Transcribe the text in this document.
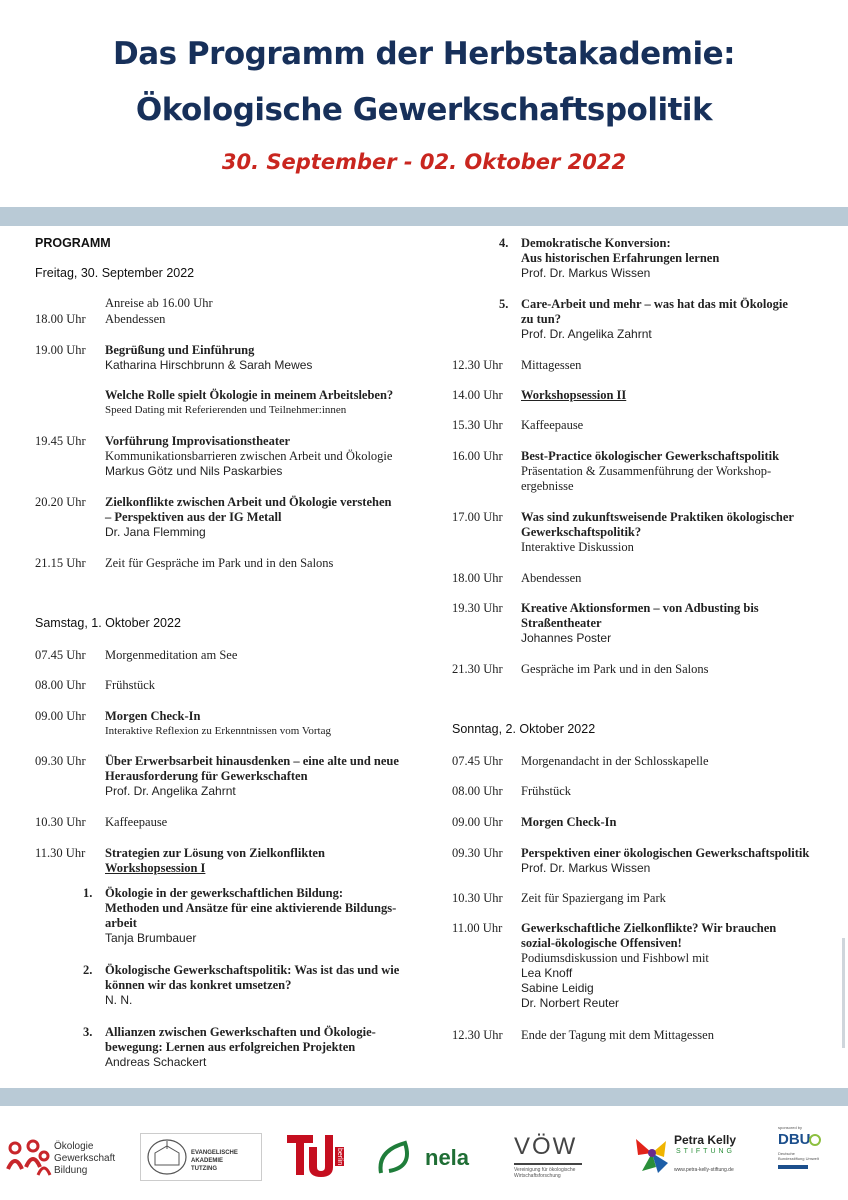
Das Programm der Herbstakademie:
Ökologische Gewerkschaftspolitik
30. September - 02. Oktober 2022
PROGRAMM
Freitag, 30. September 2022
Anreise ab 16.00 Uhr
18.00 Uhr Abendessen
19.00 Uhr Begrüßung und Einführung
Katharina Hirschbrunn & Sarah Mewes
Welche Rolle spielt Ökologie in meinem Arbeitsleben?
Speed Dating mit Referierenden und Teilnehmer:innen
19.45 Uhr Vorführung Improvisationstheater
Kommunikationsbarrieren zwischen Arbeit und Ökologie
Markus Götz und Nils Paskarbies
20.20 Uhr Zielkonflikte zwischen Arbeit und Ökologie verstehen
– Perspektiven aus der IG Metall
Dr. Jana Flemming
21.15 Uhr Zeit für Gespräche im Park und in den Salons
Samstag, 1. Oktober 2022
07.45 Uhr Morgenmeditation am See
08.00 Uhr Frühstück
09.00 Uhr Morgen Check-In
Interaktive Reflexion zu Erkenntnissen vom Vortag
09.30 Uhr Über Erwerbsarbeit hinausdenken – eine alte und neue
Herausforderung für Gewerkschaften
Prof. Dr. Angelika Zahrnt
10.30 Uhr Kaffeepause
11.30 Uhr Strategien zur Lösung von Zielkonflikten
Workshopsession I
1. Ökologie in der gewerkschaftlichen Bildung:
Methoden und Ansätze für eine aktivierende Bildungs-
arbeit
Tanja Brumbauer
2. Ökologische Gewerkschaftspolitik: Was ist das und wie
können wir das konkret umsetzen?
N. N.
3. Allianzen zwischen Gewerkschaften und Ökologie-
bewegung: Lernen aus erfolgreichen Projekten
Andreas Schackert
4. Demokratische Konversion:
Aus historischen Erfahrungen lernen
Prof. Dr. Markus Wissen
5. Care-Arbeit und mehr – was hat das mit Ökologie
zu tun?
Prof. Dr. Angelika Zahrnt
12.30 Uhr Mittagessen
14.00 Uhr Workshopsession II
15.30 Uhr Kaffeepause
16.00 Uhr Best-Practice ökologischer Gewerkschaftspolitik
Präsentation & Zusammenführung der Workshop-
ergebnisse
17.00 Uhr Was sind zukunftsweisende Praktiken ökologischer
Gewerkschaftspolitik?
Interaktive Diskussion
18.00 Uhr Abendessen
19.30 Uhr Kreative Aktionsformen – von Adbusting bis
Straßentheater
Johannes Poster
21.30 Uhr Gespräche im Park und in den Salons
Sonntag, 2. Oktober 2022
07.45 Uhr Morgenandacht in der Schlosskapelle
08.00 Uhr Frühstück
09.00 Uhr Morgen Check-In
09.30 Uhr Perspektiven einer ökologischen Gewerkschaftspolitik
Prof. Dr. Markus Wissen
10.30 Uhr Zeit für Spaziergang im Park
11.00 Uhr Gewerkschaftliche Zielkonflikte? Wir brauchen
sozial-ökologische Offensiven!
Podiumsdiskussion und Fishbowl mit
Lea Knoff
Sabine Leidig
Dr. Norbert Reuter
12.30 Uhr Ende der Tagung mit dem Mittagessen
Ökologie
Gewerkschaft
Bildung
EVANGELISCHE AKADEMIE
TUTZING
berlin	nela VÖW
Vereinigung für ökologische
Wirtschaftsforschung
Petra Kelly
STIFTUNG
www.petra-kelly-stiftung.de
sponsored by
DBU
Deutsche
Bundesstiftung Umwelt
